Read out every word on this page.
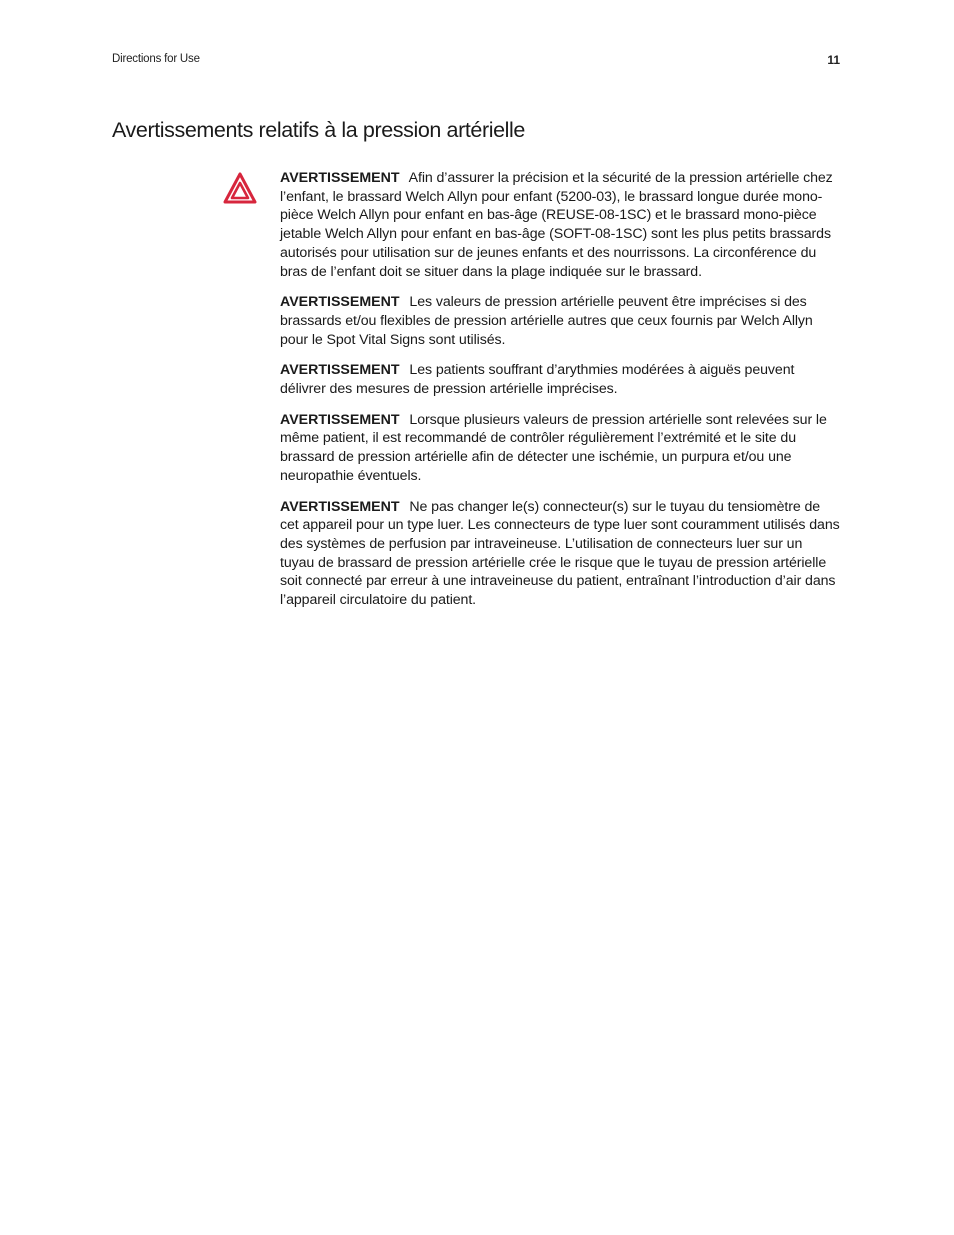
Directions for Use	11
Avertissements relatifs à la pression artérielle

AVERTISSEMENT Afin d’assurer la précision et la sécurité de la pression artérielle chez l’enfant, le brassard Welch Allyn pour enfant (5200-03), le brassard longue durée mono-pièce Welch Allyn pour enfant en bas-âge (REUSE-08-1SC) et le brassard mono-pièce jetable Welch Allyn pour enfant en bas-âge (SOFT-08-1SC) sont les plus petits brassards autorisés pour utilisation sur de jeunes enfants et des nourrissons. La circonférence du bras de l’enfant doit se situer dans la plage indiquée sur le brassard.

AVERTISSEMENT Les valeurs de pression artérielle peuvent être imprécises si des brassards et/ou flexibles de pression artérielle autres que ceux fournis par Welch Allyn pour le Spot Vital Signs sont utilisés.

AVERTISSEMENT Les patients souffrant d’arythmies modérées à aiguës peuvent délivrer des mesures de pression artérielle imprécises.

AVERTISSEMENT Lorsque plusieurs valeurs de pression artérielle sont relevées sur le même patient, il est recommandé de contrôler régulièrement l’extrémité et le site du brassard de pression artérielle afin de détecter une ischémie, un purpura et/ou une neuropathie éventuels.

AVERTISSEMENT Ne pas changer le(s) connecteur(s) sur le tuyau du tensiomètre de cet appareil pour un type luer. Les connecteurs de type luer sont couramment utilisés dans des systèmes de perfusion par intraveineuse. L’utilisation de connecteurs luer sur un tuyau de brassard de pression artérielle crée le risque que le tuyau de pression artérielle soit connecté par erreur à une intraveineuse du patient, entraînant l’introduction d’air dans l’appareil circulatoire du patient.
